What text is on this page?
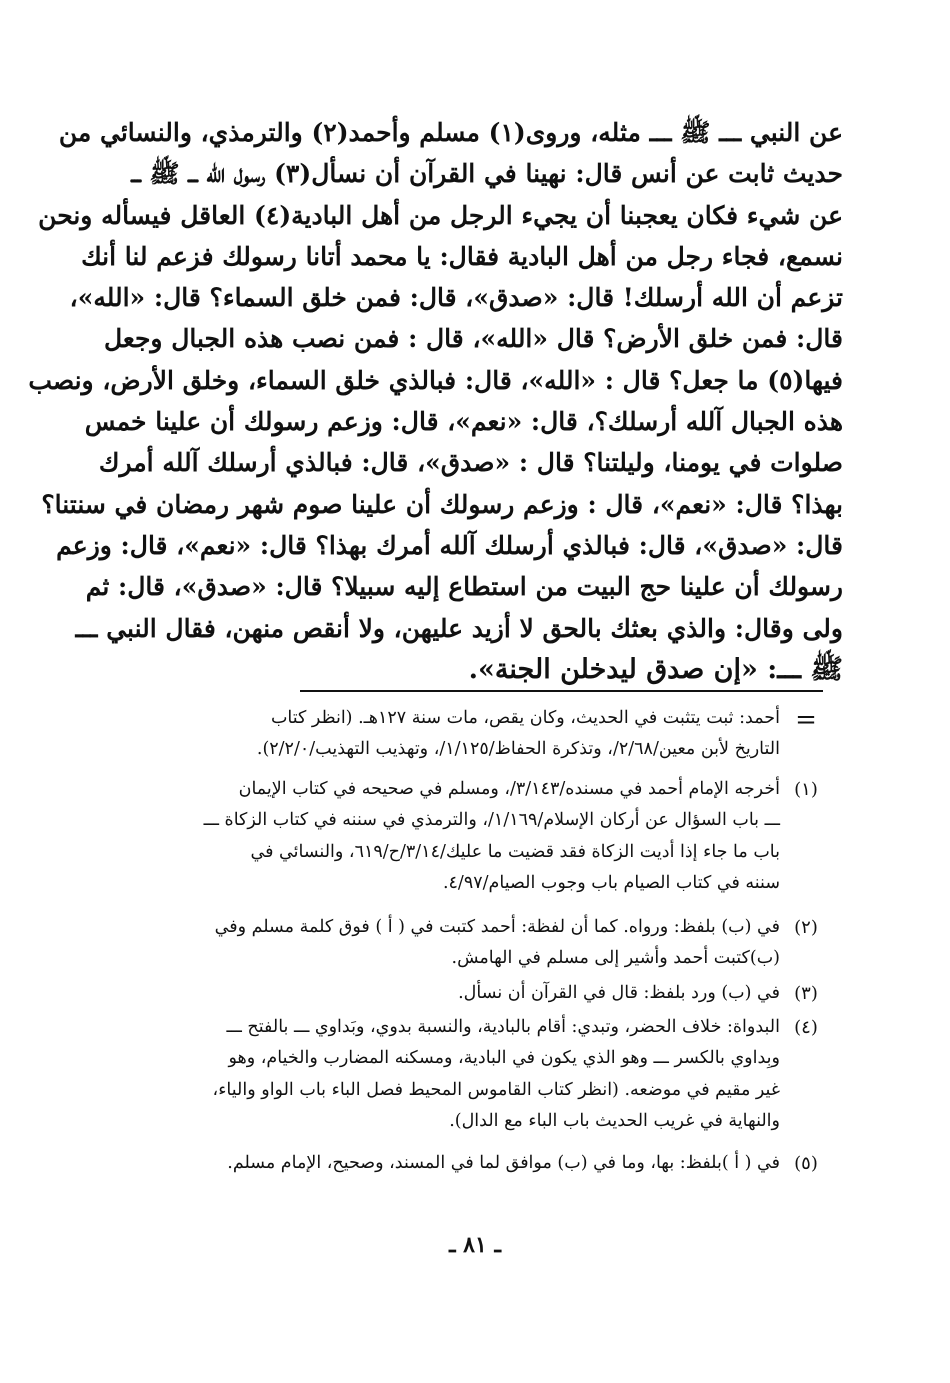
عن النبي ـــ ﷺ ـــ مثله، وروى(١) مسلم وأحمد(٢) والترمذي، والنسائي من
حديث ثابت عن أنس قال: نهينا في القرآن أن نسأل(٣) رسول الله ـــ ﷺ ـــ
عن شيء فكان يعجبنا أن يجيء الرجل من أهل البادية(٤) العاقل فيسأله ونحن
نسمع، فجاء رجل من أهل البادية فقال: يا محمد أتانا رسولك فزعم لنا أنك
تزعم أن الله أرسلك! قال: «صدق»، قال: فمن خلق السماء؟ قال: «الله»،
قال: فمن خلق الأرض؟ قال «الله»، قال : فمن نصب هذه الجبال وجعل
فيها(٥) ما جعل؟ قال : «الله»، قال: فبالذي خلق السماء، وخلق الأرض، ونصب
هذه الجبال آلله أرسلك؟، قال: «نعم»، قال: وزعم رسولك أن علينا خمس
صلوات في يومنا، وليلتنا؟ قال : «صدق»، قال: فبالذي أرسلك آلله أمرك
بهذا؟ قال: «نعم»، قال : وزعم رسولك أن علينا صوم شهر رمضان في سنتنا؟
قال: «صدق»، قال: فبالذي أرسلك آلله أمرك بهذا؟ قال: «نعم»، قال: وزعم
رسولك أن علينا حج البيت من استطاع إليه سبيلا؟ قال: «صدق»، قال: ثم
ولى وقال: والذي بعثك بالحق لا أزيد عليهن، ولا أنقص منهن، فقال النبي ـــ
ﷺ ـــ: «إن صدق ليدخلن الجنة».
=
أحمد: ثبت يتثبت في الحديث، وكان يقص، مات سنة ١٢٧هـ. (انظر كتاب
التاريخ لأبن معين/٢/٦٨/، وتذكرة الحفاظ/١/١٢٥/، وتهذيب التهذيب/٢/٢/٠).
(١)
أخرجه الإمام أحمد في مسنده/٣/١٤٣/، ومسلم في صحيحه في كتاب الإيمان
ـــ باب السؤال عن أركان الإسلام/١/١٦٩/، والترمذي في سننه في كتاب الزكاة ـــ
باب ما جاء إذا أديت الزكاة فقد قضيت ما عليك/٣/١٤/ح/٦١٩، والنسائي في
سننه في كتاب الصيام باب وجوب الصيام/٤/٩٧.
(٢)
في (ب) بلفظ: ورواه. كما أن لفظة: أحمد كتبت في ( أ ) فوق كلمة مسلم وفي
(ب)كتبت أحمد وأشير إلى مسلم في الهامش.
(٣)
في (ب) ورد بلفظ: قال في القرآن أن نسأل.
(٤)
البدواة: خلاف الحضر، وتبدي: أقام بالبادية، والنسبة بدوي، وبَداوي ـــ بالفتح ـــ
وبِداوي بالكسر ـــ وهو الذي يكون في البادية، ومسكنه المضارب والخيام، وهو
غير مقيم في موضعه. (انظر كتاب القاموس المحيط فصل الباء باب الواو والياء،
والنهاية في غريب الحديث باب الباء مع الدال).
(٥)
في ( أ )بلفظ: بها، وما في (ب) موافق لما في المسند، وصحيح، الإمام مسلم.
ـ ٨١ ـ
